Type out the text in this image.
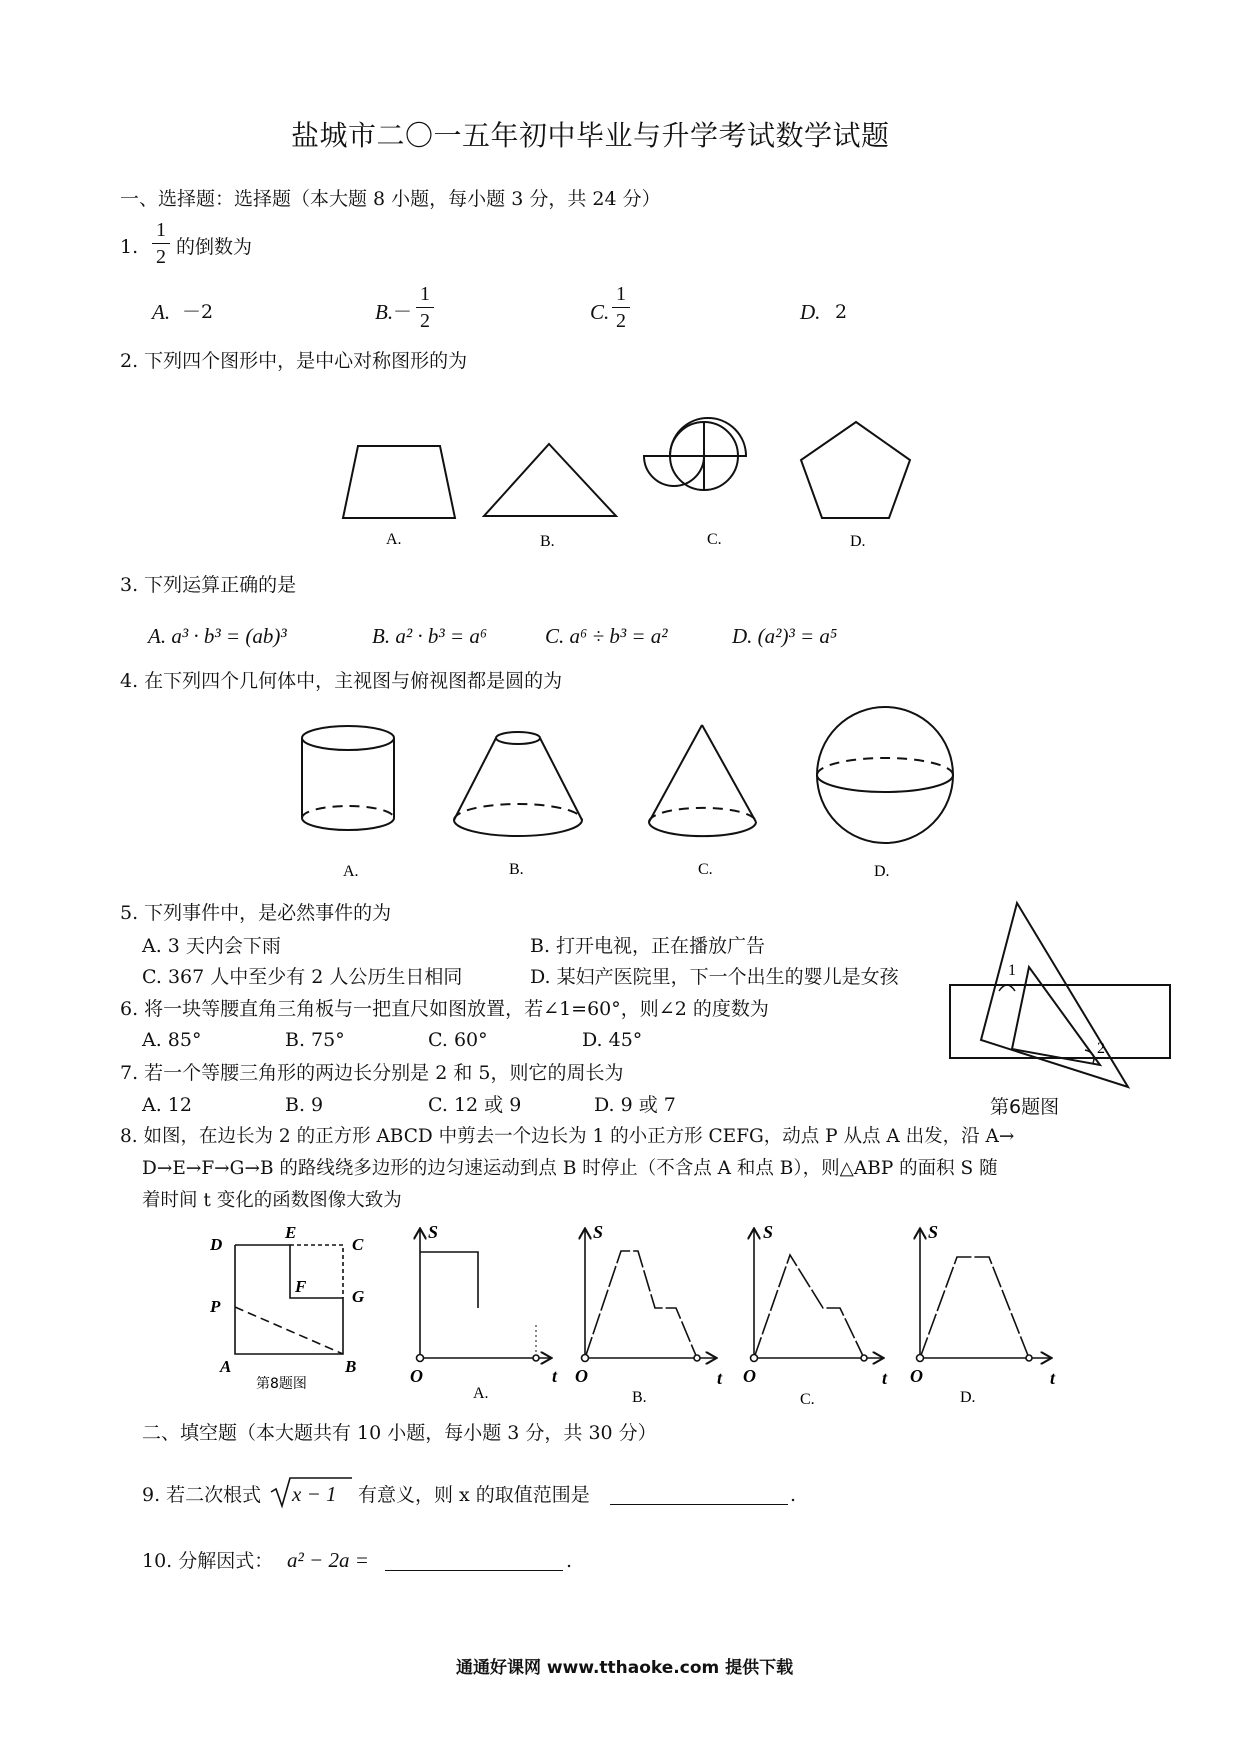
盐城市二〇一五年初中毕业与升学考试数学试题
一、选择题：选择题（本大题 8 小题，每小题 3 分，共 24 分）
1.
1
2 的倒数为
A. －2	B. －
1
2	C.
1
2	D. 2
2. 下列四个图形中，是中心对称图形的为
A.	B.	C.	D.
3. 下列运算正确的是
A. a³ · b³ = (ab)³	B. a² · b³ = a⁶	C. a⁶ ÷ b³ = a²	D. (a²)³ = a⁵
4. 在下列四个几何体中，主视图与俯视图都是圆的为
A.	B.	C.	D.
5. 下列事件中，是必然事件的为
A. 3 天内会下雨	B. 打开电视，正在播放广告
C. 367 人中至少有 2 人公历生日相同	D. 某妇产医院里，下一个出生的婴儿是女孩
6. 将一块等腰直角三角板与一把直尺如图放置，若∠1=60°，则∠2 的度数为
A. 85°	B. 75°	C. 60°	D. 45°
1
2
第6题图
7. 若一个等腰三角形的两边长分别是 2 和 5，则它的周长为
A. 12	B. 9	C. 12 或 9	D. 9 或 7
8. 如图，在边长为 2 的正方形 ABCD 中剪去一个边长为 1 的小正方形 CEFG，动点 P 从点 A 出发，沿 A→
D→E→F→G→B 的路线绕多边形的边匀速运动到点 B 时停止（不含点 A 和点 B），则△ABP 的面积 S 随
着时间 t 变化的函数图像大致为
D
E
C
P
F
G
A	B
第8题图
S
t
O
S
t
O
S
t
O
S
t
O
A.	B.	C.	D.
二、填空题（本大题共有 10 小题，每小题 3 分，共 30 分）
9. 若二次根式 x − 1 有意义，则 x 的取值范围是	.
10. 分解因式： a² − 2a =	.
通通好课网 www.tthaoke.com 提供下载
